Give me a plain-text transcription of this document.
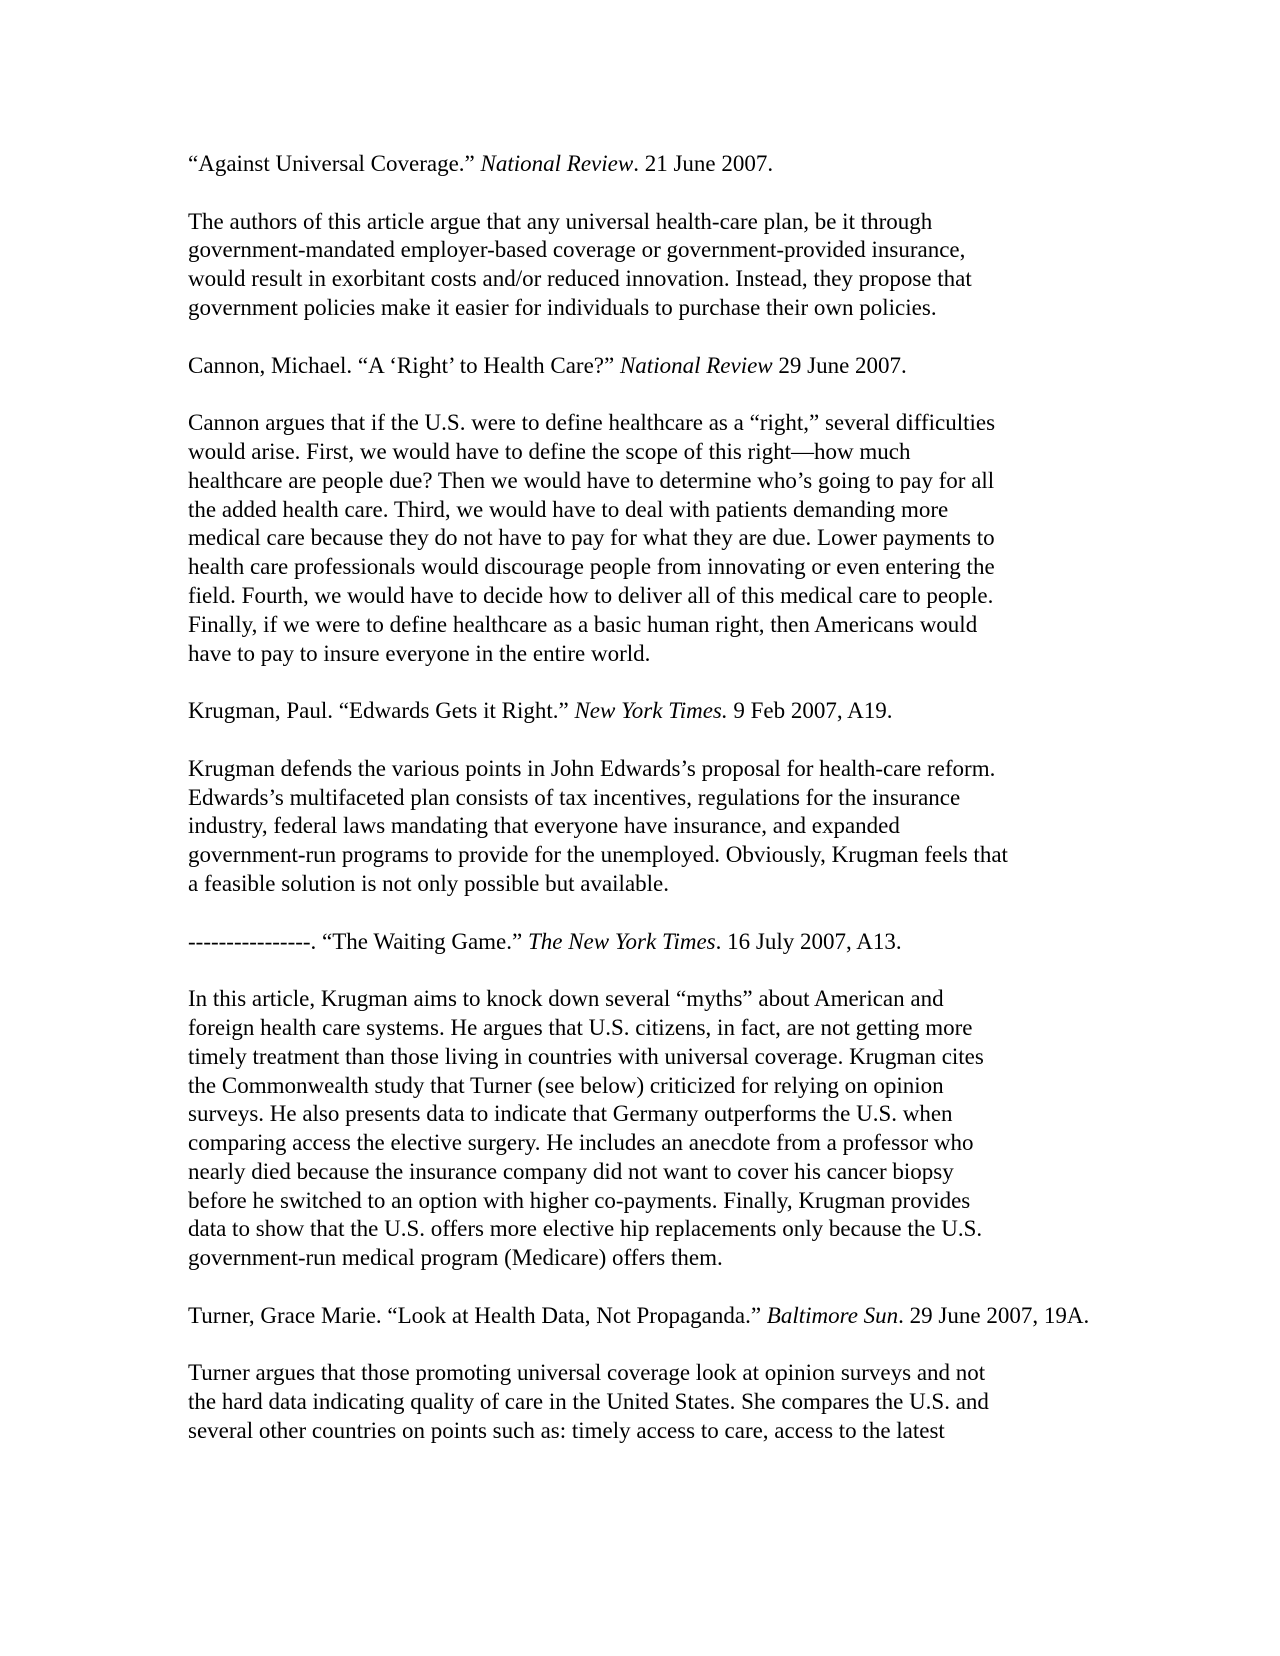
“Against Universal Coverage.” National Review. 21 June 2007.
The authors of this article argue that any universal health-care plan, be it through
government-mandated employer-based coverage or government-provided insurance,
would result in exorbitant costs and/or reduced innovation. Instead, they propose that
government policies make it easier for individuals to purchase their own policies.
Cannon, Michael. “A ‘Right’ to Health Care?” National Review 29 June 2007.
Cannon argues that if the U.S. were to define healthcare as a “right,” several difficulties
would arise. First, we would have to define the scope of this right—how much
healthcare are people due? Then we would have to determine who’s going to pay for all
the added health care. Third, we would have to deal with patients demanding more
medical care because they do not have to pay for what they are due. Lower payments to
health care professionals would discourage people from innovating or even entering the
field. Fourth, we would have to decide how to deliver all of this medical care to people.
Finally, if we were to define healthcare as a basic human right, then Americans would
have to pay to insure everyone in the entire world.
Krugman, Paul. “Edwards Gets it Right.” New York Times. 9 Feb 2007, A19.
Krugman defends the various points in John Edwards’s proposal for health-care reform.
Edwards’s multifaceted plan consists of tax incentives, regulations for the insurance
industry, federal laws mandating that everyone have insurance, and expanded
government-run programs to provide for the unemployed. Obviously, Krugman feels that
a feasible solution is not only possible but available.
----------------. “The Waiting Game.” The New York Times. 16 July 2007, A13.
In this article, Krugman aims to knock down several “myths” about American and
foreign health care systems. He argues that U.S. citizens, in fact, are not getting more
timely treatment than those living in countries with universal coverage. Krugman cites
the Commonwealth study that Turner (see below) criticized for relying on opinion
surveys. He also presents data to indicate that Germany outperforms the U.S. when
comparing access the elective surgery. He includes an anecdote from a professor who
nearly died because the insurance company did not want to cover his cancer biopsy
before he switched to an option with higher co-payments. Finally, Krugman provides
data to show that the U.S. offers more elective hip replacements only because the U.S.
government-run medical program (Medicare) offers them.
Turner, Grace Marie. “Look at Health Data, Not Propaganda.” Baltimore Sun. 29 June 2007, 19A.
Turner argues that those promoting universal coverage look at opinion surveys and not
the hard data indicating quality of care in the United States. She compares the U.S. and
several other countries on points such as: timely access to care, access to the latest
